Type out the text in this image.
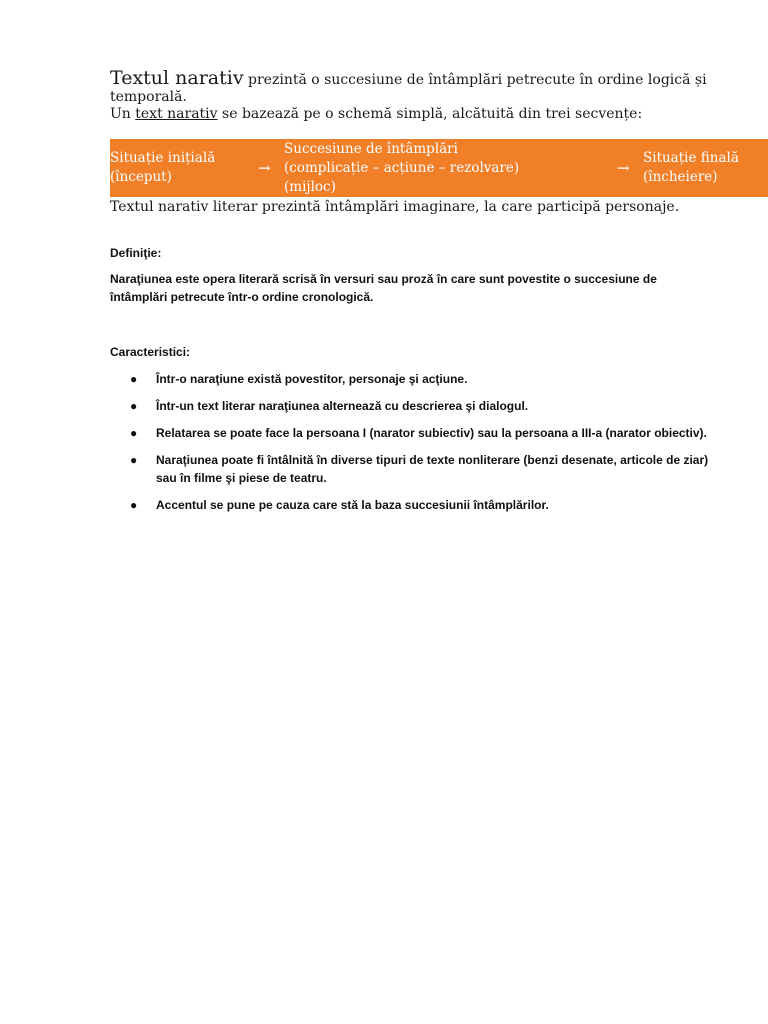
Textul narativ prezintă o succesiune de întâmplări petrecute în ordine logică și temporală.
Un text narativ se bazează pe o schemă simplă, alcătuită din trei secvențe:
Situație inițială
(început)	→
Succesiune de întâmplări
(complicație – acțiune – rezolvare)
(mijloc)
→
Situație finală
(încheiere)
Textul narativ literar prezintă întâmplări imaginare, la care participă personaje.
Definiţie:
Naraţiunea este opera literară scrisă în versuri sau proză în care sunt povestite o succesiune de întâmplări petrecute într-o ordine cronologică.
Caracteristici:
● Într-o naraţiune există povestitor, personaje şi acţiune.
● Într-un text literar naraţiunea alternează cu descrierea şi dialogul.
● Relatarea se poate face la persoana I (narator subiectiv) sau la persoana a III-a (narator obiectiv).
● Naraţiunea poate fi întâlnită în diverse tipuri de texte nonliterare (benzi desenate, articole de ziar) sau în filme şi piese de teatru.
● Accentul se pune pe cauza care stă la baza succesiunii întâmplărilor.
